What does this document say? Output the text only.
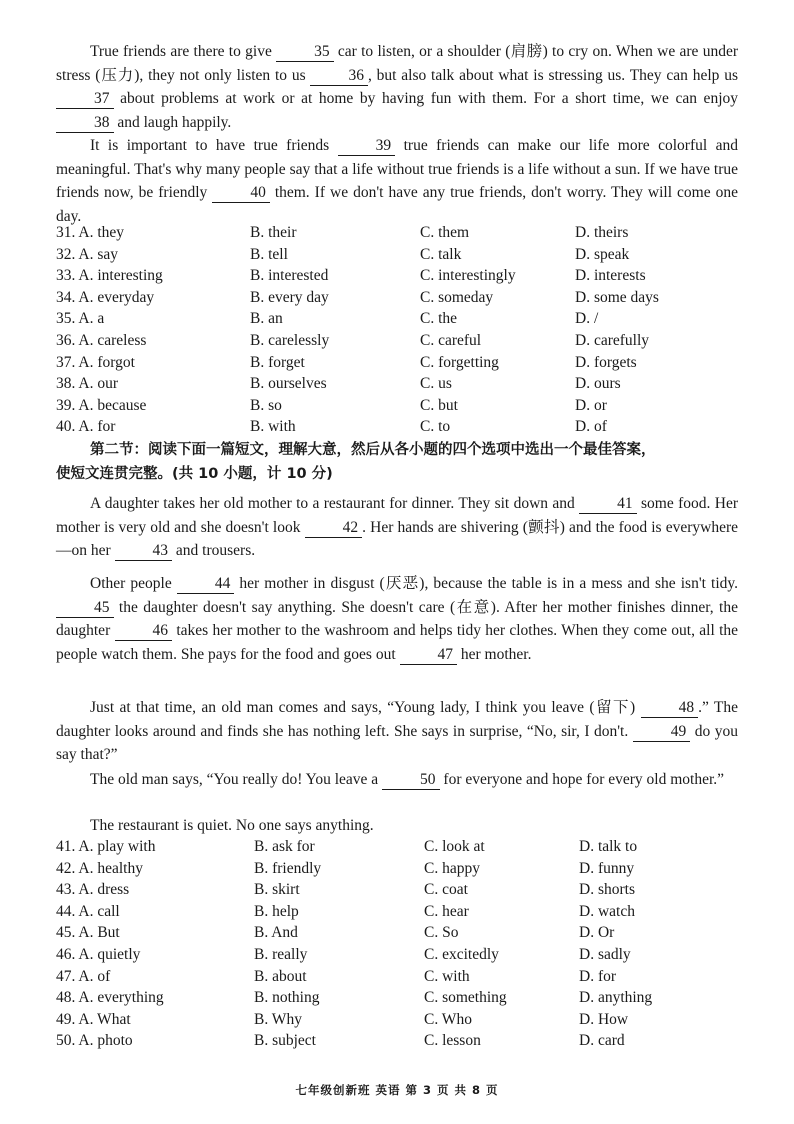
True friends are there to give 35 car to listen, or a shoulder (肩膀) to cry on. When we are under stress (压力), they not only listen to us 36 , but also talk about what is stressing us. They can help us 37 about problems at work or at home by having fun with them. For a short time, we can enjoy 38 and laugh happily.
It is important to have true friends 39 true friends can make our life more colorful and meaningful. That's why many people say that a life without true friends is a life without a sun. If we have true friends now, be friendly 40 them. If we don't have any true friends, don't worry. They will come one day.
31. A. they	B. their	C. them	D. theirs
32. A. say	B. tell	C. talk	D. speak
33. A. interesting	B. interested	C. interestingly	D. interests
34. A. everyday	B. every day	C. someday	D. some days
35. A. a	B. an	C. the	D. /
36. A. careless	B. carelessly	C. careful	D. carefully
37. A. forgot	B. forget	C. forgetting	D. forgets
38. A. our	B. ourselves	C. us	D. ours
39. A. because	B. so	C. but	D. or
40. A. for	B. with	C. to	D. of
第二节：阅读下面一篇短文，理解大意，然后从各小题的四个选项中选出一个最佳答案，
使短文连贯完整。(共 10 小题，计 10 分)
A daughter takes her old mother to a restaurant for dinner. They sit down and 41 some food. Her mother is very old and she doesn't look 42 . Her hands are shivering (颤抖) and the food is everywhere—on her 43 and trousers.
Other people 44 her mother in disgust (厌恶), because the table is in a mess and she isn't tidy. 45 the daughter doesn't say anything. She doesn't care (在意). After her mother finishes dinner, the daughter 46 takes her mother to the washroom and helps tidy her clothes. When they come out, all the people watch them. She pays for the food and goes out 47 her mother.
Just at that time, an old man comes and says, “Young lady, I think you leave (留下) 48 .” The daughter looks around and finds she has nothing left. She says in surprise, “No, sir, I don't. 49 do you say that?”
The old man says, “You really do! You leave a 50 for everyone and hope for every old mother.”
The restaurant is quiet. No one says anything.
41. A. play with	B. ask for	C. look at	D. talk to
42. A. healthy	B. friendly	C. happy	D. funny
43. A. dress	B. skirt	C. coat	D. shorts
44. A. call	B. help	C. hear	D. watch
45. A. But	B. And	C. So	D. Or
46. A. quietly	B. really	C. excitedly	D. sadly
47. A. of	B. about	C. with	D. for
48. A. everything	B. nothing	C. something	D. anything
49. A. What	B. Why	C. Who	D. How
50. A. photo	B. subject	C. lesson	D. card
七年级创新班 英语 第 3 页 共 8 页
